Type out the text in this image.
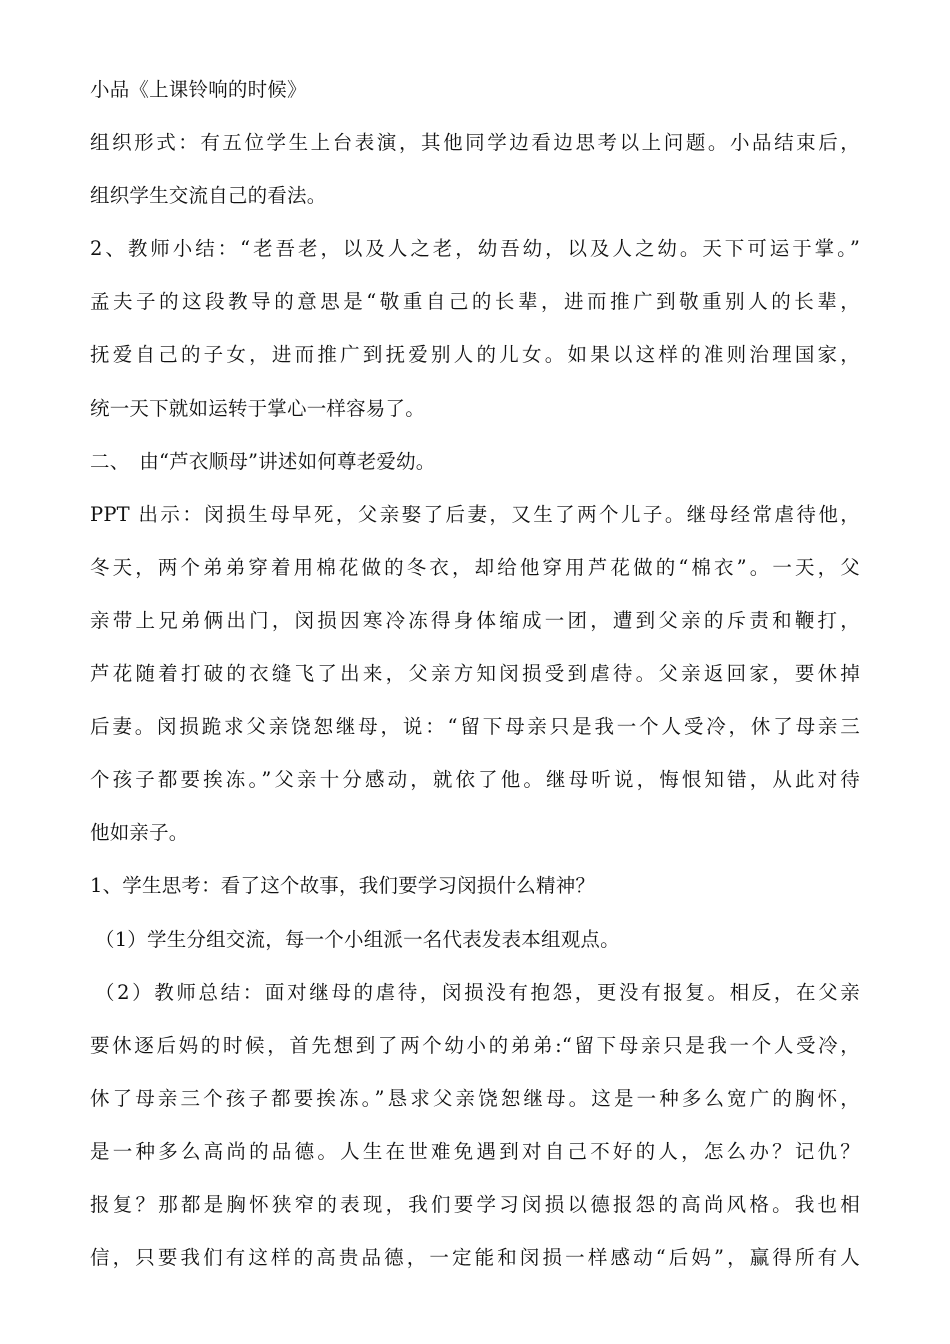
小品《上课铃响的时候》
组织形式：有五位学生上台表演，其他同学边看边思考以上问题。小品结束后，
组织学生交流自己的看法。
2、教师小结：“老吾老，以及人之老，幼吾幼，以及人之幼。天下可运于掌。”
孟夫子的这段教导的意思是“敬重自己的长辈，进而推广到敬重别人的长辈，
抚爱自己的子女，进而推广到抚爱别人的儿女。如果以这样的准则治理国家，
统一天下就如运转于掌心一样容易了。
二、　由“芦衣顺母”讲述如何尊老爱幼。
PPT 出示：闵损生母早死，父亲娶了后妻，又生了两个儿子。继母经常虐待他，
冬天，两个弟弟穿着用棉花做的冬衣，却给他穿用芦花做的“棉衣”。一天，父
亲带上兄弟俩出门，闵损因寒冷冻得身体缩成一团，遭到父亲的斥责和鞭打，
芦花随着打破的衣缝飞了出来，父亲方知闵损受到虐待。父亲返回家，要休掉
后妻。闵损跪求父亲饶恕继母，说：“留下母亲只是我一个人受冷，休了母亲三
个孩子都要挨冻。”父亲十分感动，就依了他。继母听说，悔恨知错，从此对待
他如亲子。
1、学生思考：看了这个故事，我们要学习闵损什么精神？
（1）学生分组交流，每一个小组派一名代表发表本组观点。
（2）教师总结：面对继母的虐待，闵损没有抱怨，更没有报复。相反，在父亲
要休逐后妈的时候，首先想到了两个幼小的弟弟:“留下母亲只是我一个人受冷，
休了母亲三个孩子都要挨冻。”恳求父亲饶恕继母。这是一种多么宽广的胸怀，
是一种多么高尚的品德。人生在世难免遇到对自己不好的人，怎么办？记仇？
报复？那都是胸怀狭窄的表现，我们要学习闵损以德报怨的高尚风格。我也相
信，只要我们有这样的高贵品德，一定能和闵损一样感动“后妈”，赢得所有人
